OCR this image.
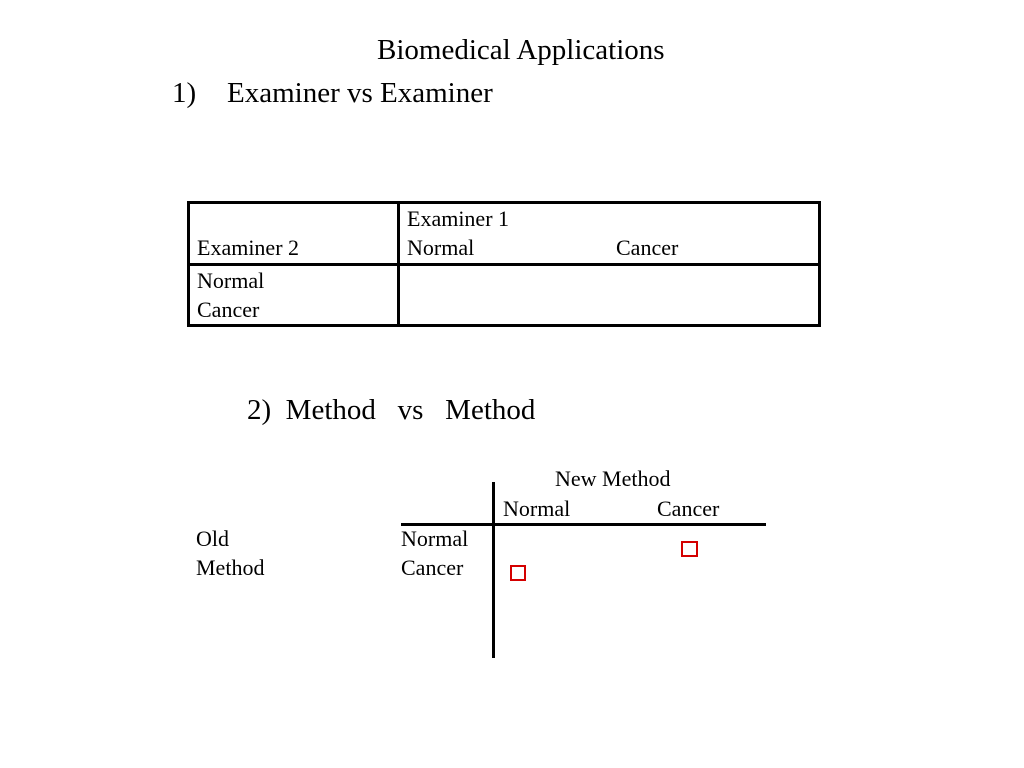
Biomedical Applications
1) Examiner vs Examiner
Examiner 1
Examiner 2	Normal	Cancer
Normal
Cancer
2)  Method   vs   Method
New Method
Normal	Cancer
Old
Method
Normal
Cancer
